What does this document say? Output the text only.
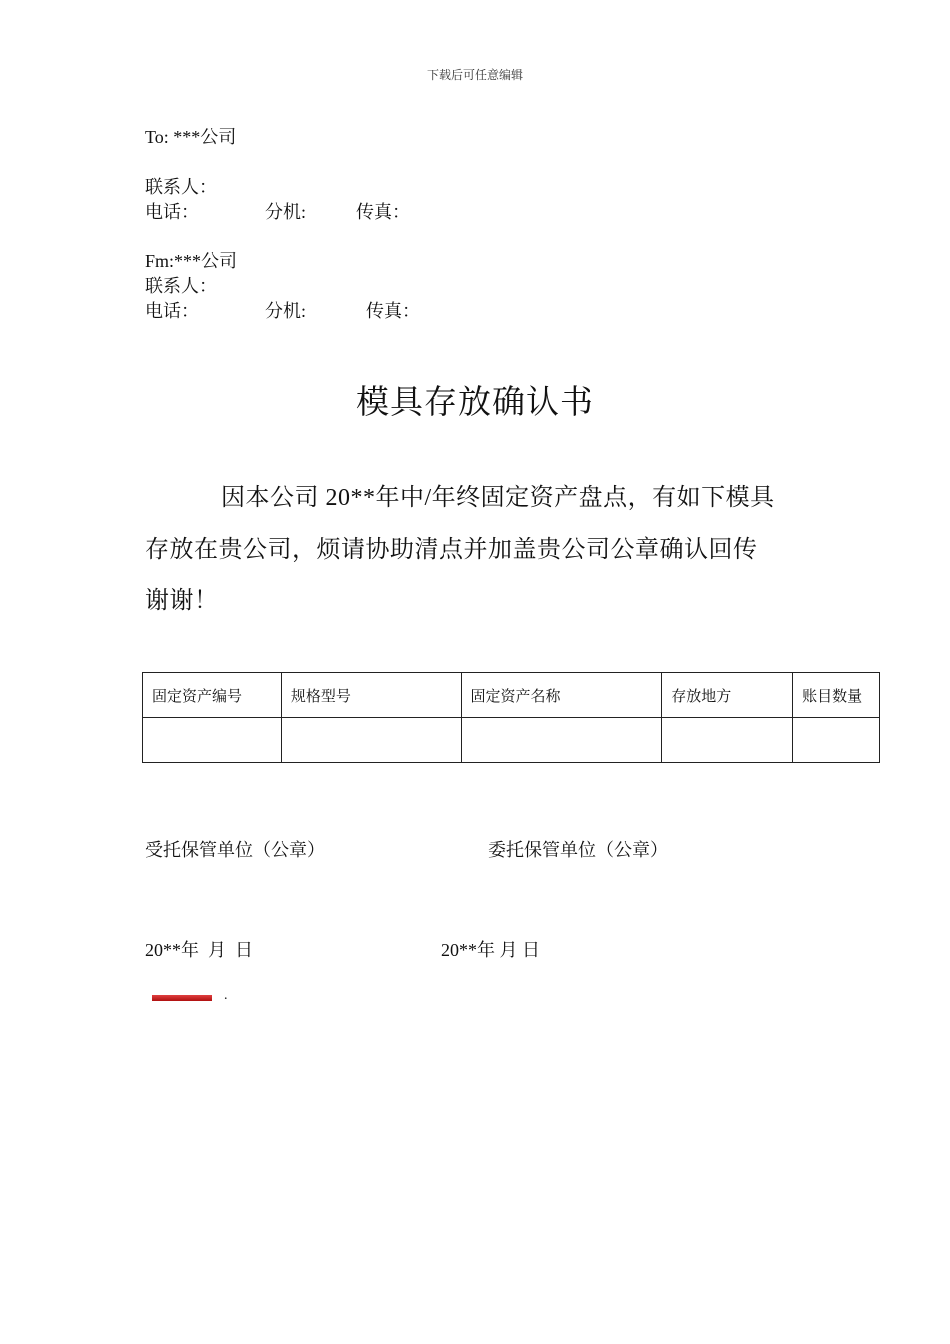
下载后可任意编辑
To: ***公司
联系人：
电话：	分机:	传真：
Fm:***公司
联系人：
电话：	分机:	传真：
模具存放确认书
因本公司 20**年中/年终固定资产盘点，有如下模具
存放在贵公司，烦请协助清点并加盖贵公司公章确认回传
谢谢！
固定资产编号	规格型号	固定资产名称	存放地方	账目数量

受托保管单位（公章）	委托保管单位（公章）
20**年  月  日	20**年 月 日
.
